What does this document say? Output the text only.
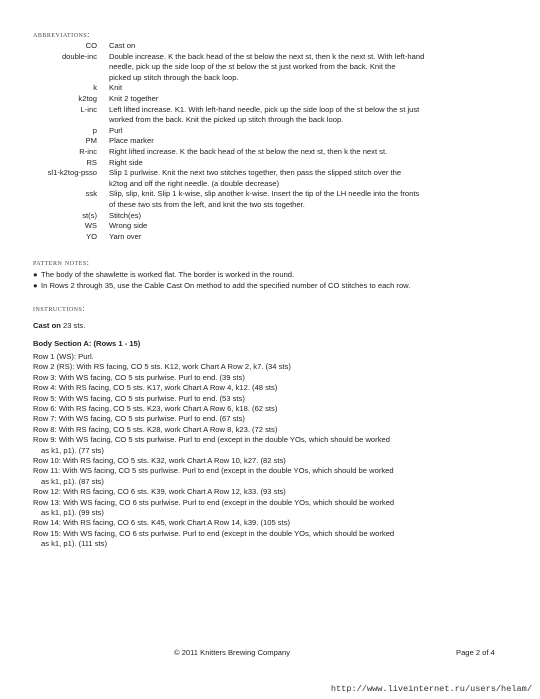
abbreviations:
CO Cast on
double-inc Double increase. K the back head of the st below the next st, then k the next st. With left-hand
needle, pick up the side loop of the st below the st just worked from the back. Knit the
picked up stitch through the back loop.
k Knit
k2tog Knit 2 together
L-inc Left lifted increase. K1. With left-hand needle, pick up the side loop of the st below the st just
worked from the back. Knit the picked up stitch through the back loop.
p Purl
PM Place marker
R-inc Right lifted increase. K the back head of the st below the next st, then k the next st.
RS Right side
sl1-k2tog-psso Slip 1 purlwise. Knit the next two stitches together, then pass the slipped stitch over the
k2tog and off the right needle. (a double decrease)
ssk Slip, slip, knit. Slip 1 k-wise, slip another k-wise. Insert the tip of the LH needle into the fronts
of these two sts from the left, and knit the two sts together.
st(s) Stitch(es)
WS Wrong side
YO Yarn over
pattern notes:
● The body of the shawlette is worked flat. The border is worked in the round.
● In Rows 2 through 35, use the Cable Cast On method to add the specified number of CO stitches to each row.
instructions:
Cast on 23 sts.
Body Section A: (Rows 1 - 15)
Row 1 (WS): Purl.
Row 2 (RS): With RS facing, CO 5 sts. K12, work Chart A Row 2, k7. (34 sts)
Row 3: With WS facing, CO 5 sts purlwise. Purl to end. (39 sts)
Row 4: With RS facing, CO 5 sts. K17, work Chart A Row 4, k12. (48 sts)
Row 5: With WS facing, CO 5 sts purlwise. Purl to end. (53 sts)
Row 6: With RS facing, CO 5 sts. K23, work Chart A Row 6, k18. (62 sts)
Row 7: With WS facing, CO 5 sts purlwise. Purl to end. (67 sts)
Row 8: With RS facing, CO 5 sts. K28, work Chart A Row 8, k23. (72 sts)
Row 9: With WS facing, CO 5 sts purlwise. Purl to end (except in the double YOs, which should be worked
as k1, p1). (77 sts)
Row 10: With RS facing, CO 5 sts. K32, work Chart A Row 10, k27. (82 sts)
Row 11: With WS facing, CO 5 sts purlwise. Purl to end (except in the double YOs, which should be worked
as k1, p1). (87 sts)
Row 12: With RS facing, CO 6 sts. K39, work Chart A Row 12, k33. (93 sts)
Row 13: With WS facing, CO 6 sts purlwise. Purl to end (except in the double YOs, which should be worked
as k1, p1). (99 sts)
Row 14: With RS facing, CO 6 sts. K45, work Chart A Row 14, k39. (105 sts)
Row 15: With WS facing, CO 6 sts purlwise. Purl to end (except in the double YOs, which should be worked
as k1, p1). (111 sts)
© 2011 Knitters Brewing Company	Page 2 of 4
http://www.liveinternet.ru/users/helam/
